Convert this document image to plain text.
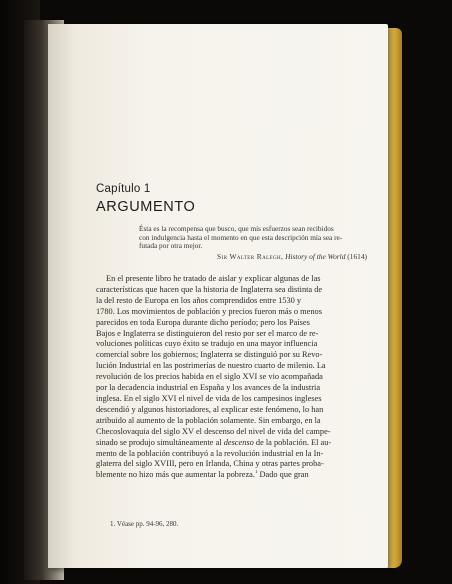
Capítulo 1
ARGUMENTO
Ésta es la recompensa que busco, que mis esfuerzos sean recibidos
con indulgencia hasta el momento en que esta descripción mía sea re-
futada por otra mejor.
Sir Walter Ralegh, History of the World (1614)
En el presente libro he tratado de aislar y explicar algunas de las
características que hacen que la historia de Inglaterra sea distinta de
la del resto de Europa en los años comprendidos entre 1530 y
1780. Los movimientos de población y precios fueron más o menos
parecidos en toda Europa durante dicho período; pero los Países
Bajos e Inglaterra se distinguieron del resto por ser el marco de re-
voluciones políticas cuyo éxito se tradujo en una mayor influencia
comercial sobre los gobiernos; Inglaterra se distinguió por su Revo-
lución Industrial en las postrimerías de nuestro cuarto de milenio. La
revolución de los precios habida en el siglo XVI se vio acompañada
por la decadencia industrial en España y los avances de la industria
inglesa. En el siglo XVI el nivel de vida de los campesinos ingleses
descendió y algunos historiadores, al explicar este fenómeno, lo han
atribuido al aumento de la población solamente. Sin embargo, en la
Checoslovaquia del siglo XV el descenso del nivel de vida del campe-
sinado se produjo simultáneamente al descenso de la población. El au-
mento de la población contribuyó a la revolución industrial en la In-
glaterra del siglo XVIII, pero en Irlanda, China y otras partes proba-
blemente no hizo más que aumentar la pobreza.$^1$ Dado que gran
1. Véase pp. 94-96, 280.
